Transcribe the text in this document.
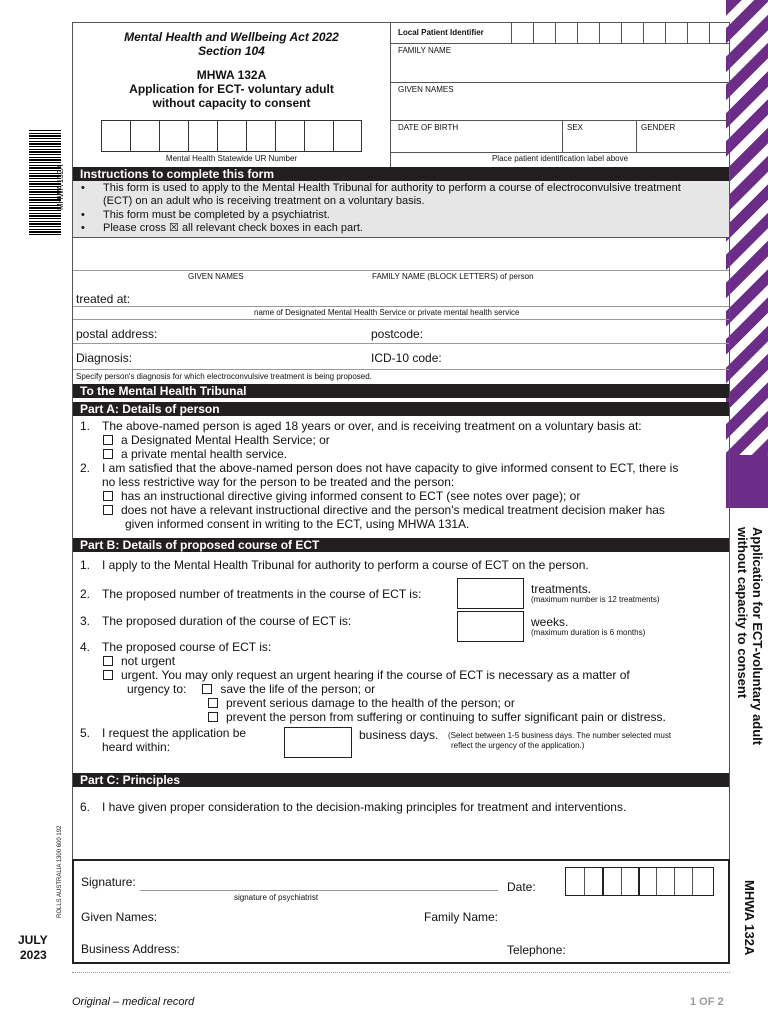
MHWA 132A
ROLLS AUSTRALIA 1300 600 192
JULY
2023
Application for ECT-voluntary adult
without capacity to consent
MHWA 132A
Mental Health and Wellbeing Act 2022
Section 104
MHWA 132A
Application for ECT- voluntary adult
without capacity to consent
Mental Health Statewide UR Number
Local Patient Identifier
FAMILY NAME
GIVEN NAMES
DATE OF BIRTH	SEX	GENDER
Place patient identification label above
Instructions to complete this form
• This form is used to apply to the Mental Health Tribunal for authority to perform a course of electroconvulsive treatment
(ECT) on an adult who is receiving treatment on a voluntary basis.
• This form must be completed by a psychiatrist.
• Please cross ☒ all relevant check boxes in each part.
GIVEN NAMES	FAMILY NAME (BLOCK LETTERS) of person
treated at:
name of Designated Mental Health Service or private mental health service
postal address:	postcode:
Diagnosis:	ICD-10 code:
Specify person's diagnosis for which electroconvulsive treatment is being proposed.
To the Mental Health Tribunal
Part A: Details of person
1. The above-named person is aged 18 years or over, and is receiving treatment on a voluntary basis at:
a Designated Mental Health Service; or
a private mental health service.
2. I am satisfied that the above-named person does not have capacity to give informed consent to ECT, there is
no less restrictive way for the person to be treated and the person:
has an instructional directive giving informed consent to ECT (see notes over page); or
does not have a relevant instructional directive and the person's medical treatment decision maker has
given informed consent in writing to the ECT, using MHWA 131A.
Part B: Details of proposed course of ECT
1. I apply to the Mental Health Tribunal for authority to perform a course of ECT on the person.
2. The proposed number of treatments in the course of ECT is:	treatments.
(maximum number is 12 treatments)
3. The proposed duration of the course of ECT is:	weeks.
(maximum duration is 6 months)
4. The proposed course of ECT is:
not urgent
urgent. You may only request an urgent hearing if the course of ECT is necessary as a matter of
urgency to:	save the life of the person; or
prevent serious damage to the health of the person; or
prevent the person from suffering or continuing to suffer significant pain or distress.
5. I request the application be
heard within:
business days. (Select between 1-5 business days. The number selected must
reflect the urgency of the application.)
Part C: Principles
6. I have given proper consideration to the decision-making principles for treatment and interventions.
Signature:
signature of psychiatrist
Date:
Given Names:	Family Name:
Business Address:	Telephone:
Original – medical record	1 OF 2
